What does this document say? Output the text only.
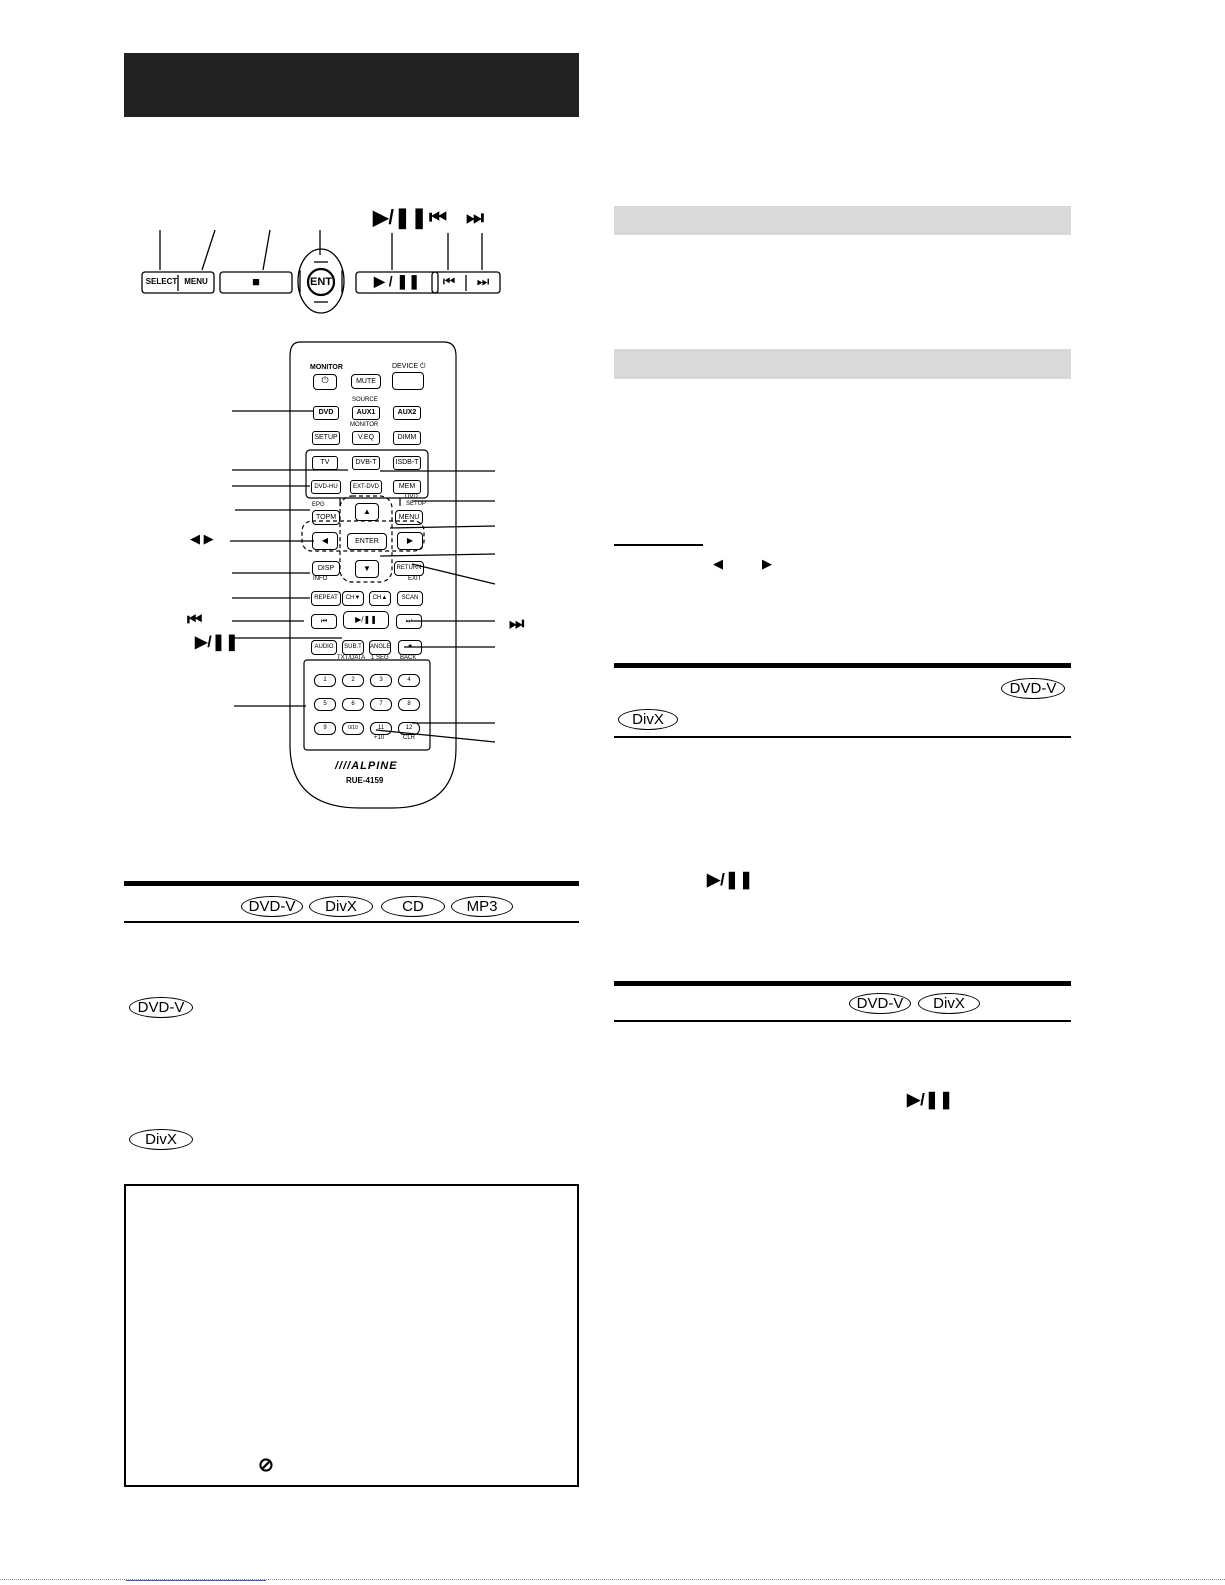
▶/❚❚ ⏮ ⏭
SELECT MENU	■	ENT	▶ / ❚❚	⏮	⏭
MONITOR
⏻	MUTE
DEVICE ⏻
SOURCE
DVD	AUX1	AUX2
MONITOR
SETUP	V.EQ	DIMM
TV	DVB-T	ISDB-T
DVD-HU	EXT-DVD	MEM
EPG
TOPM
▲
DVD
SETUP
MENU
◀	ENTER	▶
DISP
INFO
▼	RETURN
EXIT
REPEAT	CH▼	CH▲	SCAN
⏮	▶/❚❚	⏭
AUDIO	SUB.T	ANGLE	■
TXT/DATA 1 SEG BACK
1	2	3	4
5	6	7	8
9	0/10	11	12
+10	CLR
////ALPINE
RUE-4159
◀ ▶
⏮
▶/❚❚
⏭
DVD-V	DivX	CD	MP3
DVD-V
DivX
⊘
◀	▶
DVD-V
DivX
▶/❚❚
DVD-V	DivX
▶/❚❚
